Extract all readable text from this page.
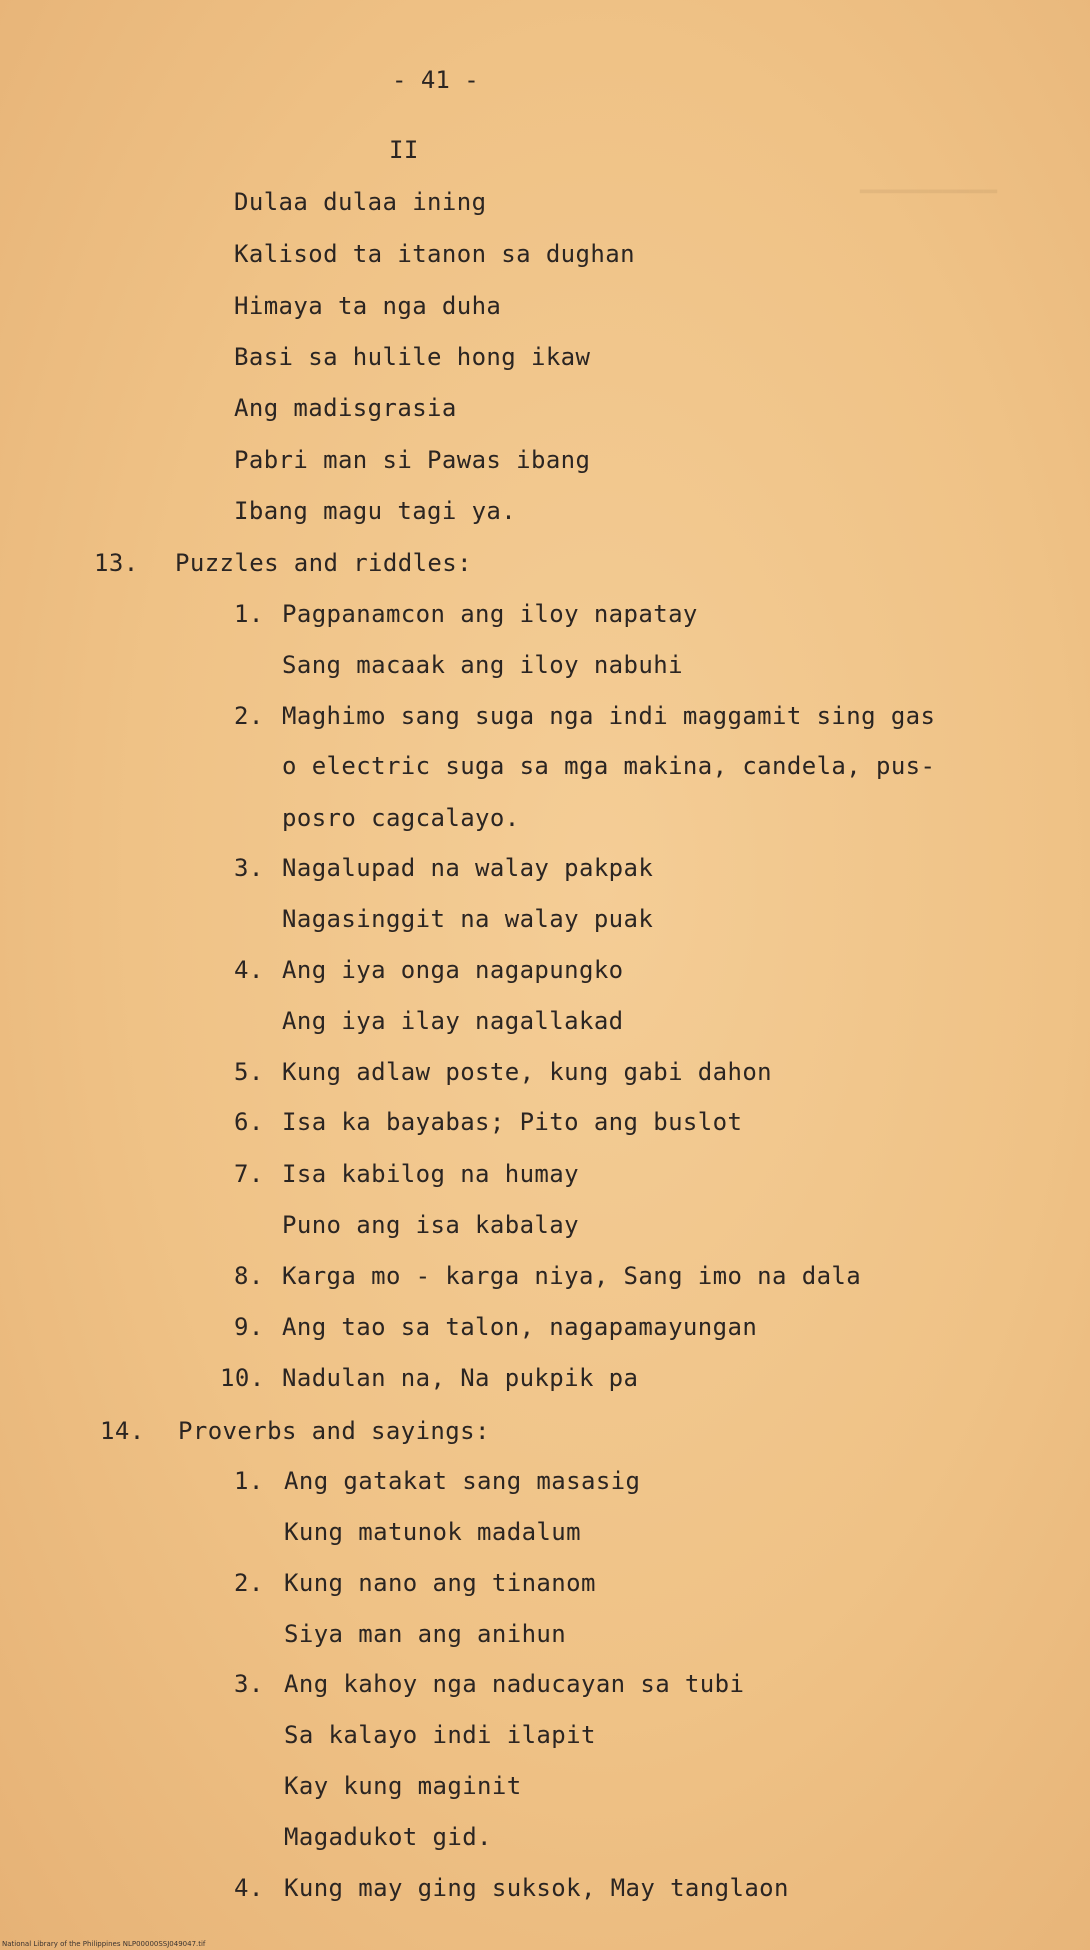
━━━━━━━━━━
- 41 -
II
Dulaa dulaa ining
Kalisod ta itanon sa dughan
Himaya ta nga duha
Basi sa hulile hong ikaw
Ang madisgrasia
Pabri man si Pawas ibang
Ibang magu tagi ya.
13. Puzzles and riddles:
1. Pagpanamcon ang iloy napatay
Sang macaak ang iloy nabuhi
2. Maghimo sang suga nga indi maggamit sing gas
o electric suga sa mga makina, candela, pus-
posro cagcalayo.
3. Nagalupad na walay pakpak
Nagasinggit na walay puak
4. Ang iya onga nagapungko
Ang iya ilay nagallakad
5. Kung adlaw poste, kung gabi dahon
6. Isa ka bayabas; Pito ang buslot
7. Isa kabilog na humay
Puno ang isa kabalay
8. Karga mo - karga niya, Sang imo na dala
9. Ang tao sa talon, nagapamayungan
10. Nadulan na, Na pukpik pa
14. Proverbs and sayings:
1. Ang gatakat sang masasig
Kung matunok madalum
2. Kung nano ang tinanom
Siya man ang anihun
3. Ang kahoy nga naducayan sa tubi
Sa kalayo indi ilapit
Kay kung maginit
Magadukot gid.
4. Kung may ging suksok, May tanglaon
National Library of the Philippines NLP00000SSJ049047.tif
